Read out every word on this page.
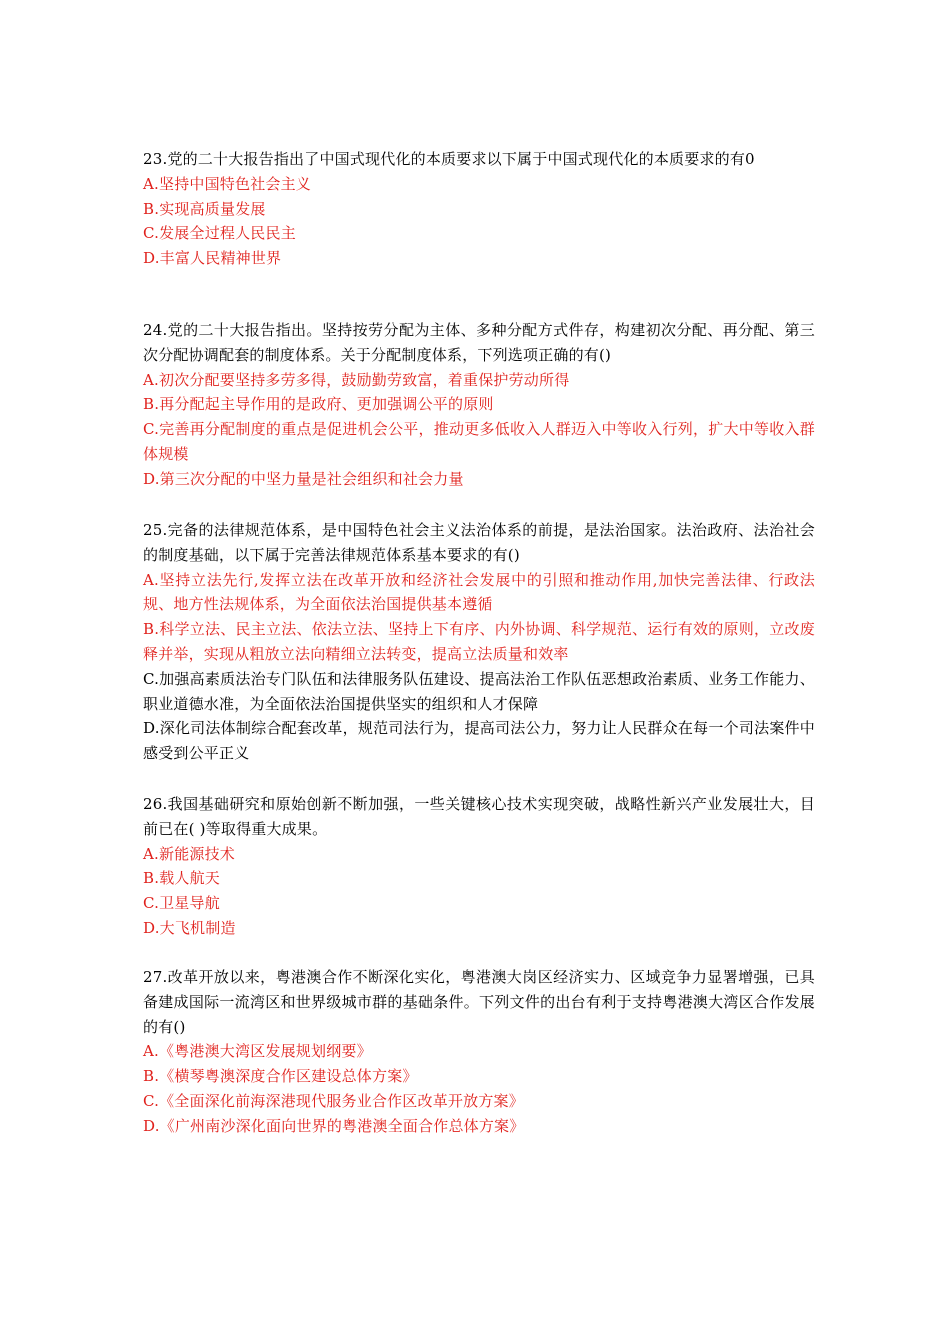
23.党的二十大报告指出了中国式现代化的本质要求以下属于中国式现代化的本质要求的有0

A.坚持中国特色社会主义

B.实现高质量发展

C.发展全过程人民民主

D.丰富人民精神世界

24.党的二十大报告指出。坚持按劳分配为主体、多种分配方式件存，构建初次分配、再分配、第三次分配协调配套的制度体系。关于分配制度体系，下列选项正确的有()

A.初次分配要坚持多劳多得，鼓励勤劳致富，着重保护劳动所得

B.再分配起主导作用的是政府、更加强调公平的原则

C.完善再分配制度的重点是促进机会公平，推动更多低收入人群迈入中等收入行列，扩大中等收入群体规模

D.第三次分配的中坚力量是社会组织和社会力量

25.完备的法律规范体系，是中国特色社会主义法治体系的前提，是法治国家。法治政府、法治社会的制度基础，以下属于完善法律规范体系基本要求的有()

A.坚持立法先行,发挥立法在改革开放和经济社会发展中的引照和推动作用,加快完善法律、行政法规、地方性法规体系，为全面依法治国提供基本遵循

B.科学立法、民主立法、依法立法、坚持上下有序、内外协调、科学规范、运行有效的原则，立改废释并举，实现从粗放立法向精细立法转变，提高立法质量和效率

C.加强高素质法治专门队伍和法律服务队伍建设、提高法治工作队伍恶想政治素质、业务工作能力、职业道德水准，为全面依法治国提供坚实的组织和人才保障

D.深化司法体制综合配套改革，规范司法行为，提高司法公力，努力让人民群众在每一个司法案件中感受到公平正义

26.我国基础研究和原始创新不断加强，一些关键核心技术实现突破，战略性新兴产业发展壮大，目前已在( )等取得重大成果。

A.新能源技术

B.载人航天

C.卫星导航

D.大飞机制造

27.改革开放以来，粤港澳合作不断深化实化，粤港澳大岗区经济实力、区域竞争力显署增强，已具备建成国际一流湾区和世界级城市群的基础条件。下列文件的出台有利于支持粤港澳大湾区合作发展的有()

A.《粤港澳大湾区发展规划纲要》

B.《横琴粤澳深度合作区建设总体方案》

C.《全面深化前海深港现代服务业合作区改革开放方案》

D.《广州南沙深化面向世界的粤港澳全面合作总体方案》
